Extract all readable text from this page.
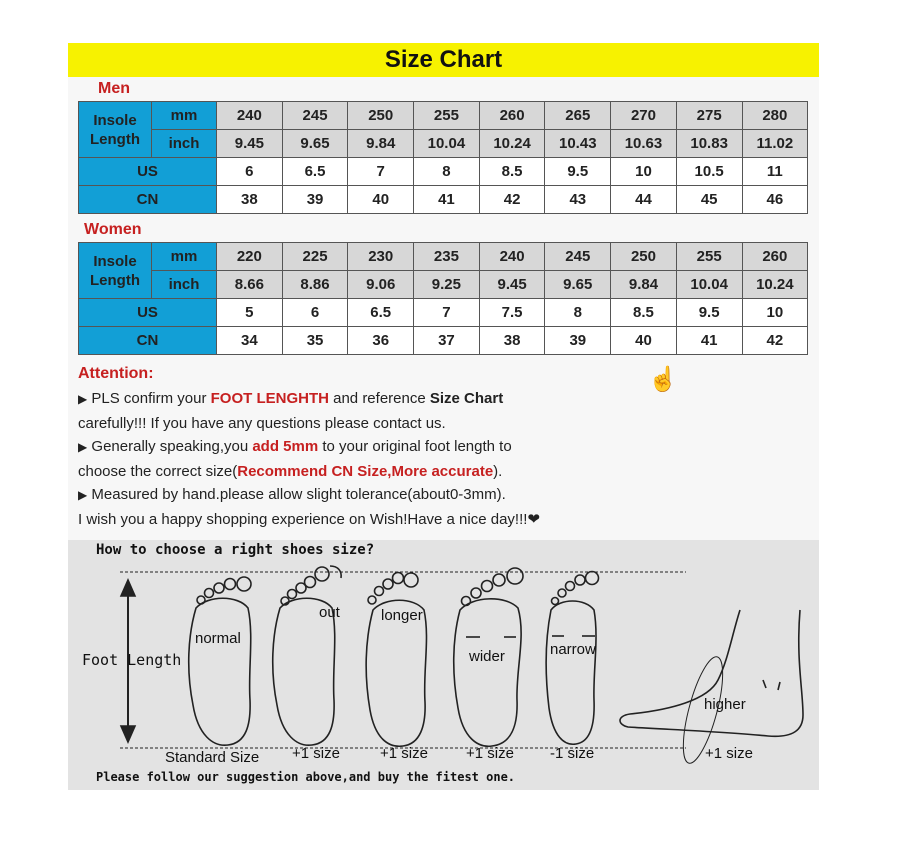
Size Chart
Men
Insole
Length	mm	240	245	250	255	260	265	270	275	280
	inch	9.45	9.65	9.84	10.04	10.24	10.43	10.63	10.83	11.02
US		6	6.5	7	8	8.5	9.5	10	10.5	11
CN		38	39	40	41	42	43	44	45	46
Women
Insole
Length	mm	220	225	230	235	240	245	250	255	260
	inch	8.66	8.86	9.06	9.25	9.45	9.65	9.84	10.04	10.24
US		5	6	6.5	7	7.5	8	8.5	9.5	10
CN		34	35	36	37	38	39	40	41	42
Attention:
▶ PLS confirm your FOOT LENGHTH and reference Size Chart
carefully!!! If you have any questions please contact us.
▶ Generally speaking,you add 5mm to your original foot length to
choose the correct size(Recommend CN Size,More accurate).
▶ Measured by hand.please allow slight tolerance(about0-3mm).
I wish you a happy shopping experience on Wish!Have a nice day!!!❤
☝
How to choose a right shoes size?
Foot Length
normal
out	longer
wider	narrow
higher
Standard Size +1 size	+1 size	+1 size -1 size	+1 size
Please follow our suggestion above,and buy the fitest one.
